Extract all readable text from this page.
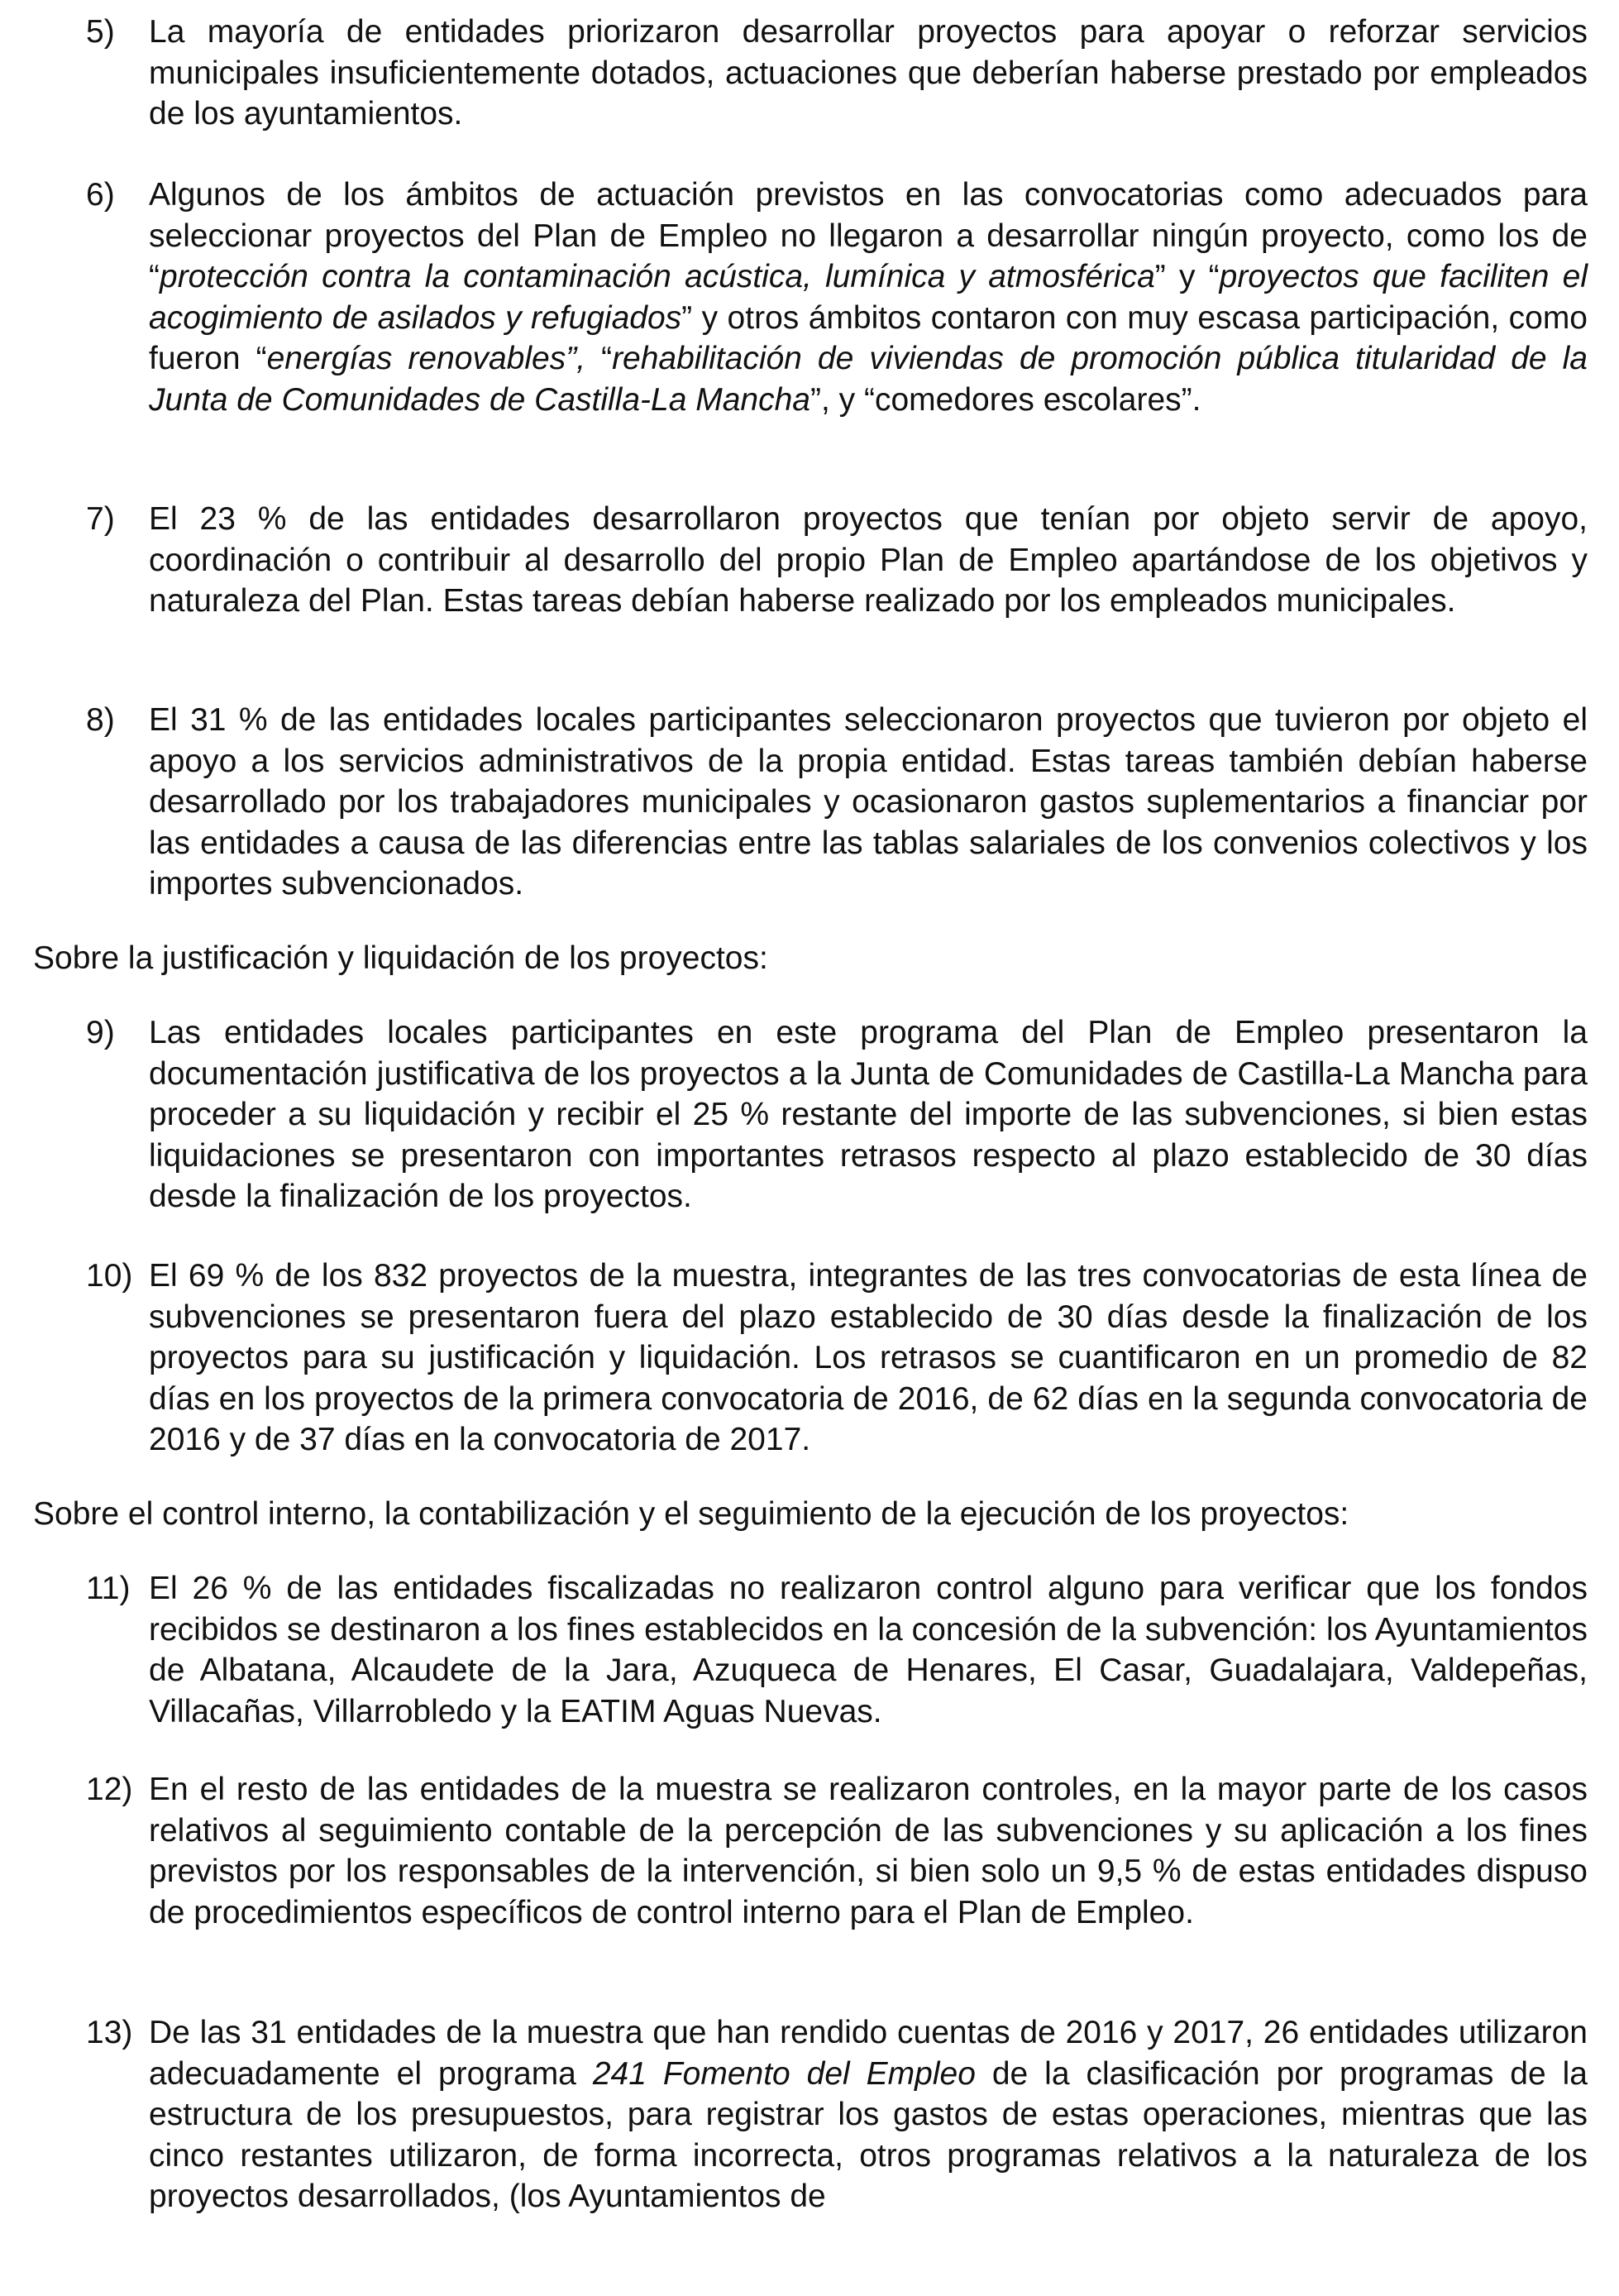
5) La mayoría de entidades priorizaron desarrollar proyectos para apoyar o reforzar servicios municipales insuficientemente dotados, actuaciones que deberían haberse prestado por empleados de los ayuntamientos.
6) Algunos de los ámbitos de actuación previstos en las convocatorias como adecuados para seleccionar proyectos del Plan de Empleo no llegaron a desarrollar ningún proyecto, como los de “protección contra la contaminación acústica, lumínica y atmosférica” y “proyectos que faciliten el acogimiento de asilados y refugiados” y otros ámbitos contaron con muy escasa participación, como fueron “energías renovables”, “rehabilitación de viviendas de promoción pública titularidad de la Junta de Comunidades de Castilla-La Mancha”, y “comedores escolares”.
7) El 23 % de las entidades desarrollaron proyectos que tenían por objeto servir de apoyo, coordinación o contribuir al desarrollo del propio Plan de Empleo apartándose de los objetivos y naturaleza del Plan. Estas tareas debían haberse realizado por los empleados municipales.
8) El 31 % de las entidades locales participantes seleccionaron proyectos que tuvieron por objeto el apoyo a los servicios administrativos de la propia entidad. Estas tareas también debían haberse desarrollado por los trabajadores municipales y ocasionaron gastos suplementarios a financiar por las entidades a causa de las diferencias entre las tablas salariales de los convenios colectivos y los importes subvencionados.
Sobre la justificación y liquidación de los proyectos:
9) Las entidades locales participantes en este programa del Plan de Empleo presentaron la documentación justificativa de los proyectos a la Junta de Comunidades de Castilla-La Mancha para proceder a su liquidación y recibir el 25 % restante del importe de las subvenciones, si bien estas liquidaciones se presentaron con importantes retrasos respecto al plazo establecido de 30 días desde la finalización de los proyectos.
10) El 69 % de los 832 proyectos de la muestra, integrantes de las tres convocatorias de esta línea de subvenciones se presentaron fuera del plazo establecido de 30 días desde la finalización de los proyectos para su justificación y liquidación. Los retrasos se cuantificaron en un promedio de 82 días en los proyectos de la primera convocatoria de 2016, de 62 días en la segunda convocatoria de 2016 y de 37 días en la convocatoria de 2017.
Sobre el control interno, la contabilización y el seguimiento de la ejecución de los proyectos:
11) El 26 % de las entidades fiscalizadas no realizaron control alguno para verificar que los fondos recibidos se destinaron a los fines establecidos en la concesión de la subvención: los Ayuntamientos de Albatana, Alcaudete de la Jara, Azuqueca de Henares, El Casar, Guadalajara, Valdepeñas, Villacañas, Villarrobledo y la EATIM Aguas Nuevas.
12) En el resto de las entidades de la muestra se realizaron controles, en la mayor parte de los casos relativos al seguimiento contable de la percepción de las subvenciones y su aplicación a los fines previstos por los responsables de la intervención, si bien solo un 9,5 % de estas entidades dispuso de procedimientos específicos de control interno para el Plan de Empleo.
13) De las 31 entidades de la muestra que han rendido cuentas de 2016 y 2017, 26 entidades utilizaron adecuadamente el programa 241 Fomento del Empleo de la clasificación por programas de la estructura de los presupuestos, para registrar los gastos de estas operaciones, mientras que las cinco restantes utilizaron, de forma incorrecta, otros programas relativos a la naturaleza de los proyectos desarrollados, (los Ayuntamientos de
